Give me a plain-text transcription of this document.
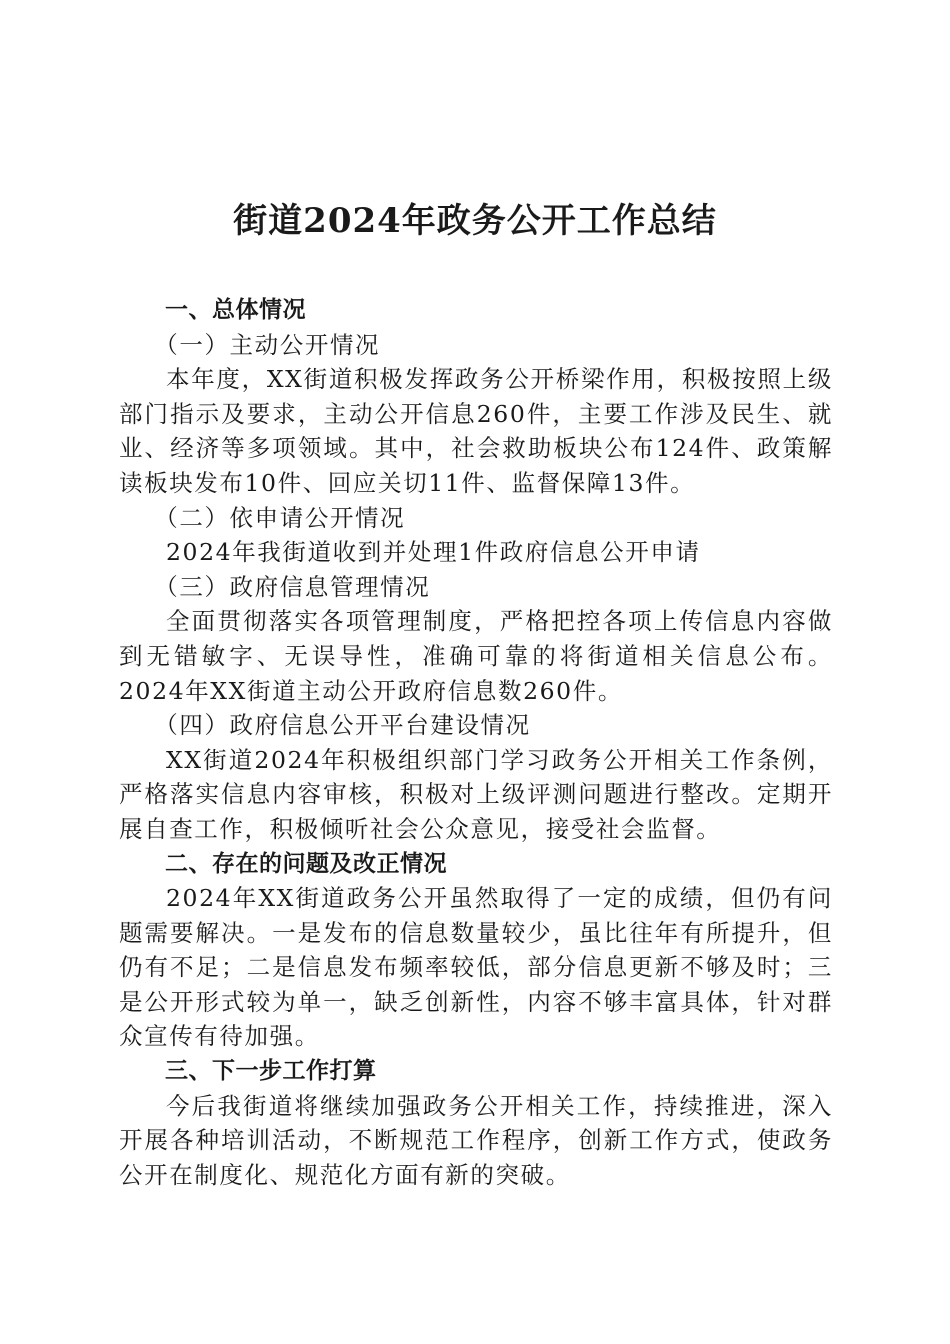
街道2024年政务公开工作总结

一、总体情况

（一）主动公开情况

本年度，XX街道积极发挥政务公开桥梁作用，积极按照上级部门指示及要求，主动公开信息260件，主要工作涉及民生、就业、经济等多项领域。其中，社会救助板块公布124件、政策解读板块发布10件、回应关切11件、监督保障13件。

（二）依申请公开情况

2024年我街道收到并处理1件政府信息公开申请

（三）政府信息管理情况

全面贯彻落实各项管理制度，严格把控各项上传信息内容做到无错敏字、无误导性，准确可靠的将街道相关信息公布。2024年XX街道主动公开政府信息数260件。

（四）政府信息公开平台建设情况

XX街道2024年积极组织部门学习政务公开相关工作条例，严格落实信息内容审核，积极对上级评测问题进行整改。定期开展自查工作，积极倾听社会公众意见，接受社会监督。

二、存在的问题及改正情况

2024年XX街道政务公开虽然取得了一定的成绩，但仍有问题需要解决。一是发布的信息数量较少，虽比往年有所提升，但仍有不足；二是信息发布频率较低，部分信息更新不够及时；三是公开形式较为单一，缺乏创新性，内容不够丰富具体，针对群众宣传有待加强。

三、下一步工作打算

今后我街道将继续加强政务公开相关工作，持续推进，深入开展各种培训活动，不断规范工作程序，创新工作方式，使政务公开在制度化、规范化方面有新的突破。
